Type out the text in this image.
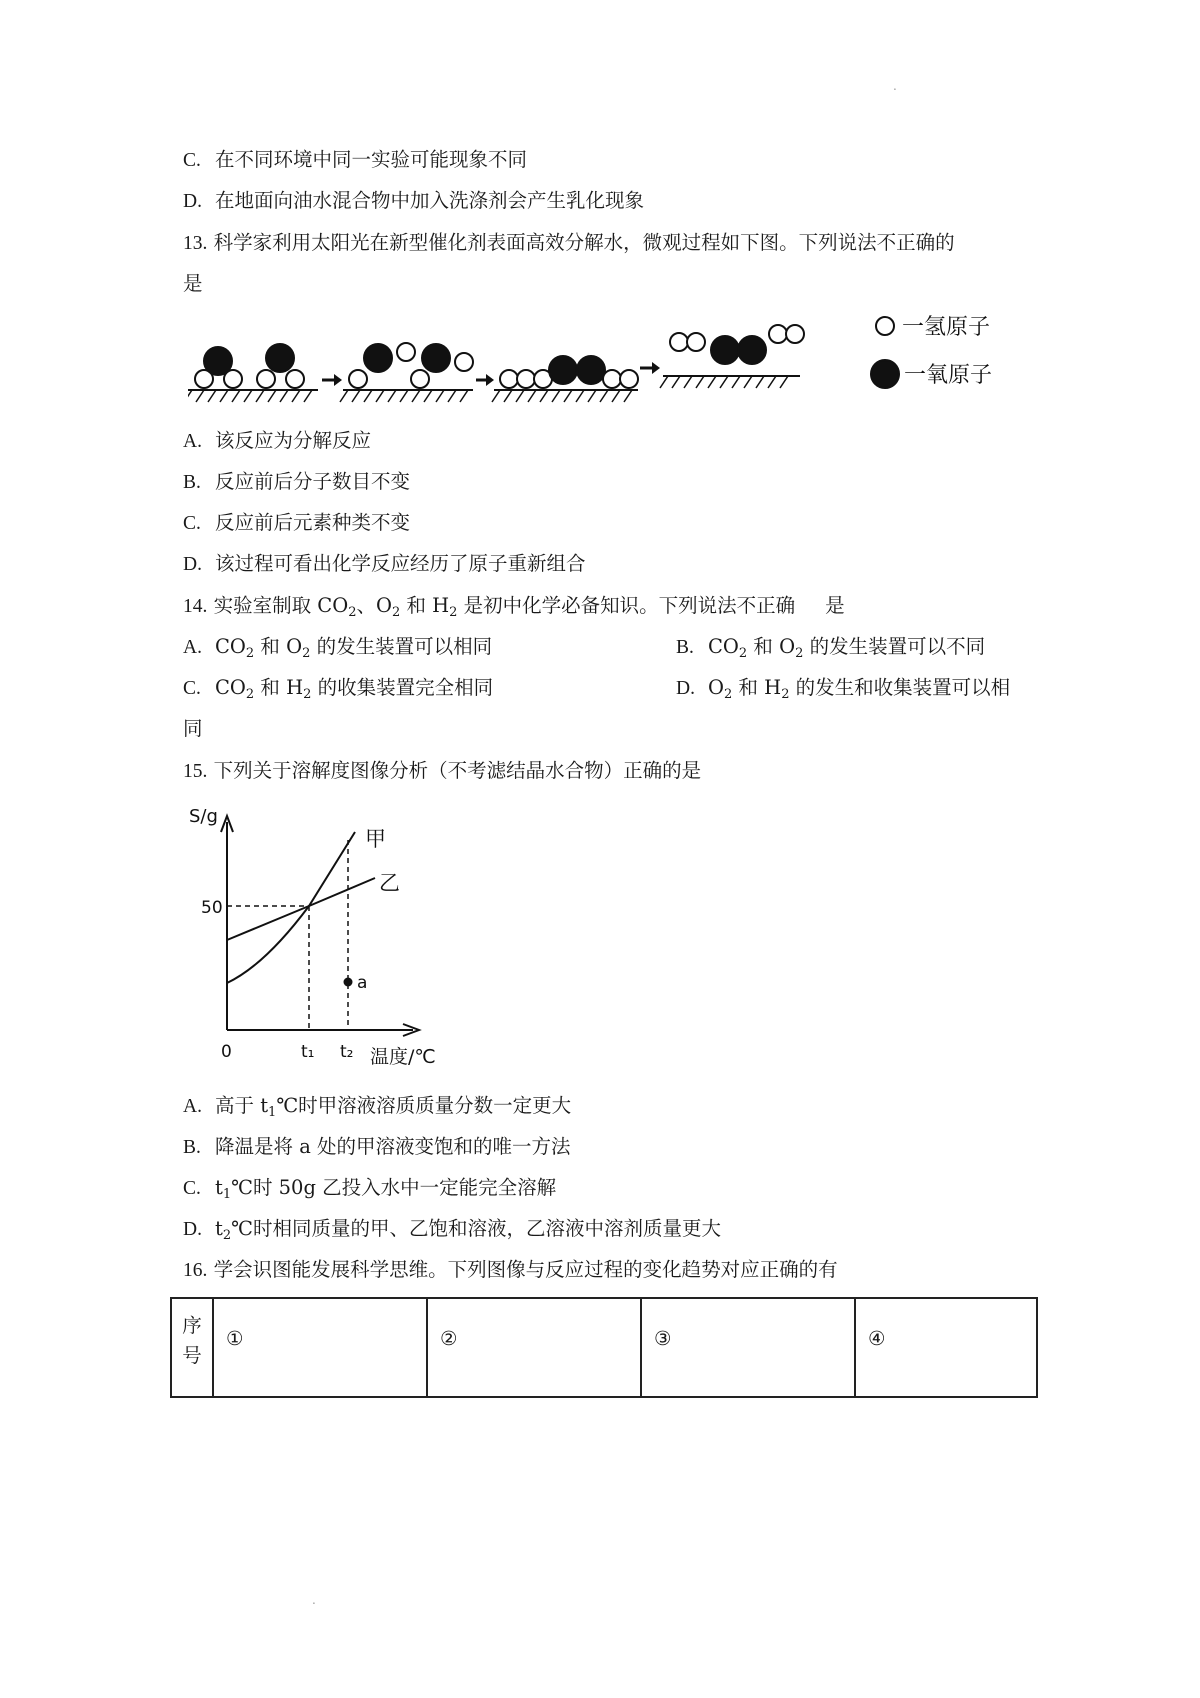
.
C. 在不同环境中同一实验可能现象不同
D. 在地面向油水混合物中加入洗涤剂会产生乳化现象
13. 科学家利用太阳光在新型催化剂表面高效分解水，微观过程如下图。下列说法不正确的
是
一氢原子
一氧原子
A. 该反应为分解反应
B. 反应前后分子数目不变
C. 反应前后元素种类不变
D. 该过程可看出化学反应经历了原子重新组合
14. 实验室制取 $CO_2$、$O_2$ 和 $H_2$ 是初中化学必备知识。下列说法不正确 是
A. $CO_2$ 和 $O_2$ 的发生装置可以相同	B. $CO_2$ 和 $O_2$ 的发生装置可以不同
C. $CO_2$ 和 $H_2$ 的收集装置完全相同	D. $O_2$ 和 $H_2$ 的发生和收集装置可以相
同
15. 下列关于溶解度图像分析（不考滤结晶水合物）正确的是
S/g
50
0	t₁ t₂ 温度/℃
甲
乙
a
A. 高于 $t_1℃$时甲溶液溶质质量分数一定更大
B. 降温是将 a 处的甲溶液变饱和的唯一方法
C. $t_1℃$时 50g 乙投入水中一定能完全溶解
D. $t_2℃$时相同质量的甲、乙饱和溶液，乙溶液中溶剂质量更大
16. 学会识图能发展科学思维。下列图像与反应过程的变化趋势对应正确的有
序
号	①	②	③	④
.
